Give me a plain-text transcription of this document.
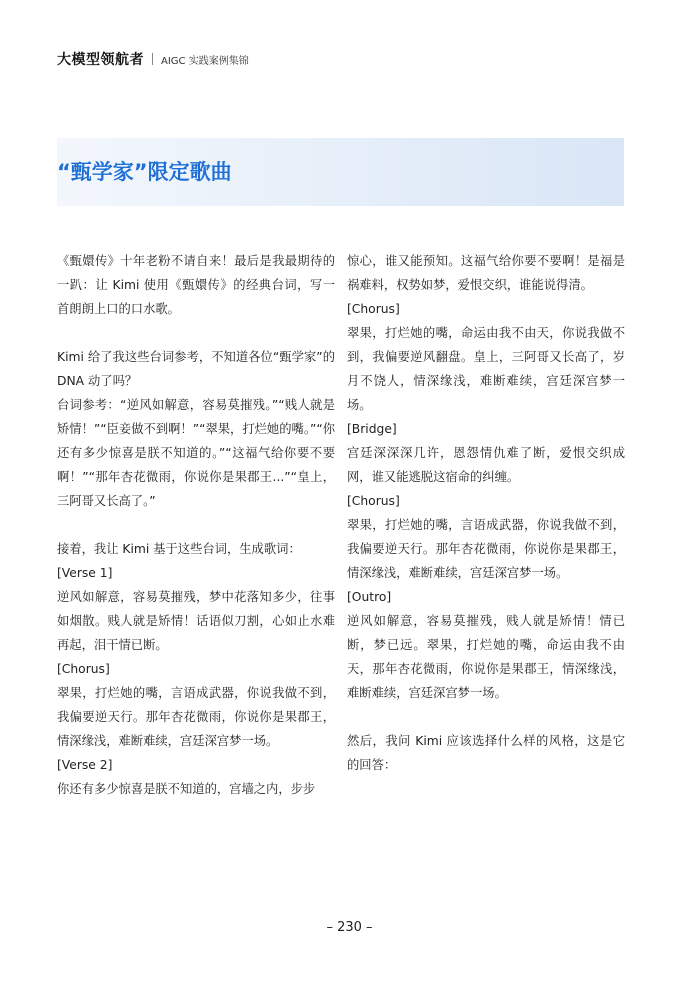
大模型领航者 AIGC 实践案例集锦
“甄学家”限定歌曲

《甄嬛传》十年老粉不请自来！最后是我最期待的一趴：让 Kimi 使用《甄嬛传》的经典台词，写一首朗朗上口的口水歌。

Kimi 给了我这些台词参考，不知道各位“甄学家”的 DNA 动了吗？

台词参考：“逆风如解意，容易莫摧残。”“贱人就是矫情！”“臣妾做不到啊！”“翠果，打烂她的嘴。”“你还有多少惊喜是朕不知道的。”“这福气给你要不要啊！”“那年杏花微雨，你说你是果郡王...”“皇上，三阿哥又长高了。”

接着，我让 Kimi 基于这些台词，生成歌词：

[Verse 1]

逆风如解意，容易莫摧残，梦中花落知多少，往事如烟散。贱人就是矫情！话语似刀割，心如止水难再起，泪干情已断。

[Chorus]

翠果，打烂她的嘴，言语成武器，你说我做不到，我偏要逆天行。那年杏花微雨，你说你是果郡王，情深缘浅，难断难续，宫廷深宫梦一场。

[Verse 2]

你还有多少惊喜是朕不知道的，宫墙之内，步步

惊心，谁又能预知。这福气给你要不要啊！是福是祸难料，权势如梦，爱恨交织，谁能说得清。

[Chorus]

翠果，打烂她的嘴，命运由我不由天，你说我做不到，我偏要逆风翻盘。皇上，三阿哥又长高了，岁月不饶人，情深缘浅，难断难续，宫廷深宫梦一场。

[Bridge]

宫廷深深深几许，恩怨情仇难了断，爱恨交织成网，谁又能逃脱这宿命的纠缠。

[Chorus]

翠果，打烂她的嘴，言语成武器，你说我做不到，我偏要逆天行。那年杏花微雨，你说你是果郡王，情深缘浅，难断难续，宫廷深宫梦一场。

[Outro]

逆风如解意，容易莫摧残，贱人就是矫情！情已断，梦已远。翠果，打烂她的嘴，命运由我不由天，那年杏花微雨，你说你是果郡王，情深缘浅，难断难续，宫廷深宫梦一场。

然后，我问 Kimi 应该选择什么样的风格，这是它的回答：

– 230 –
